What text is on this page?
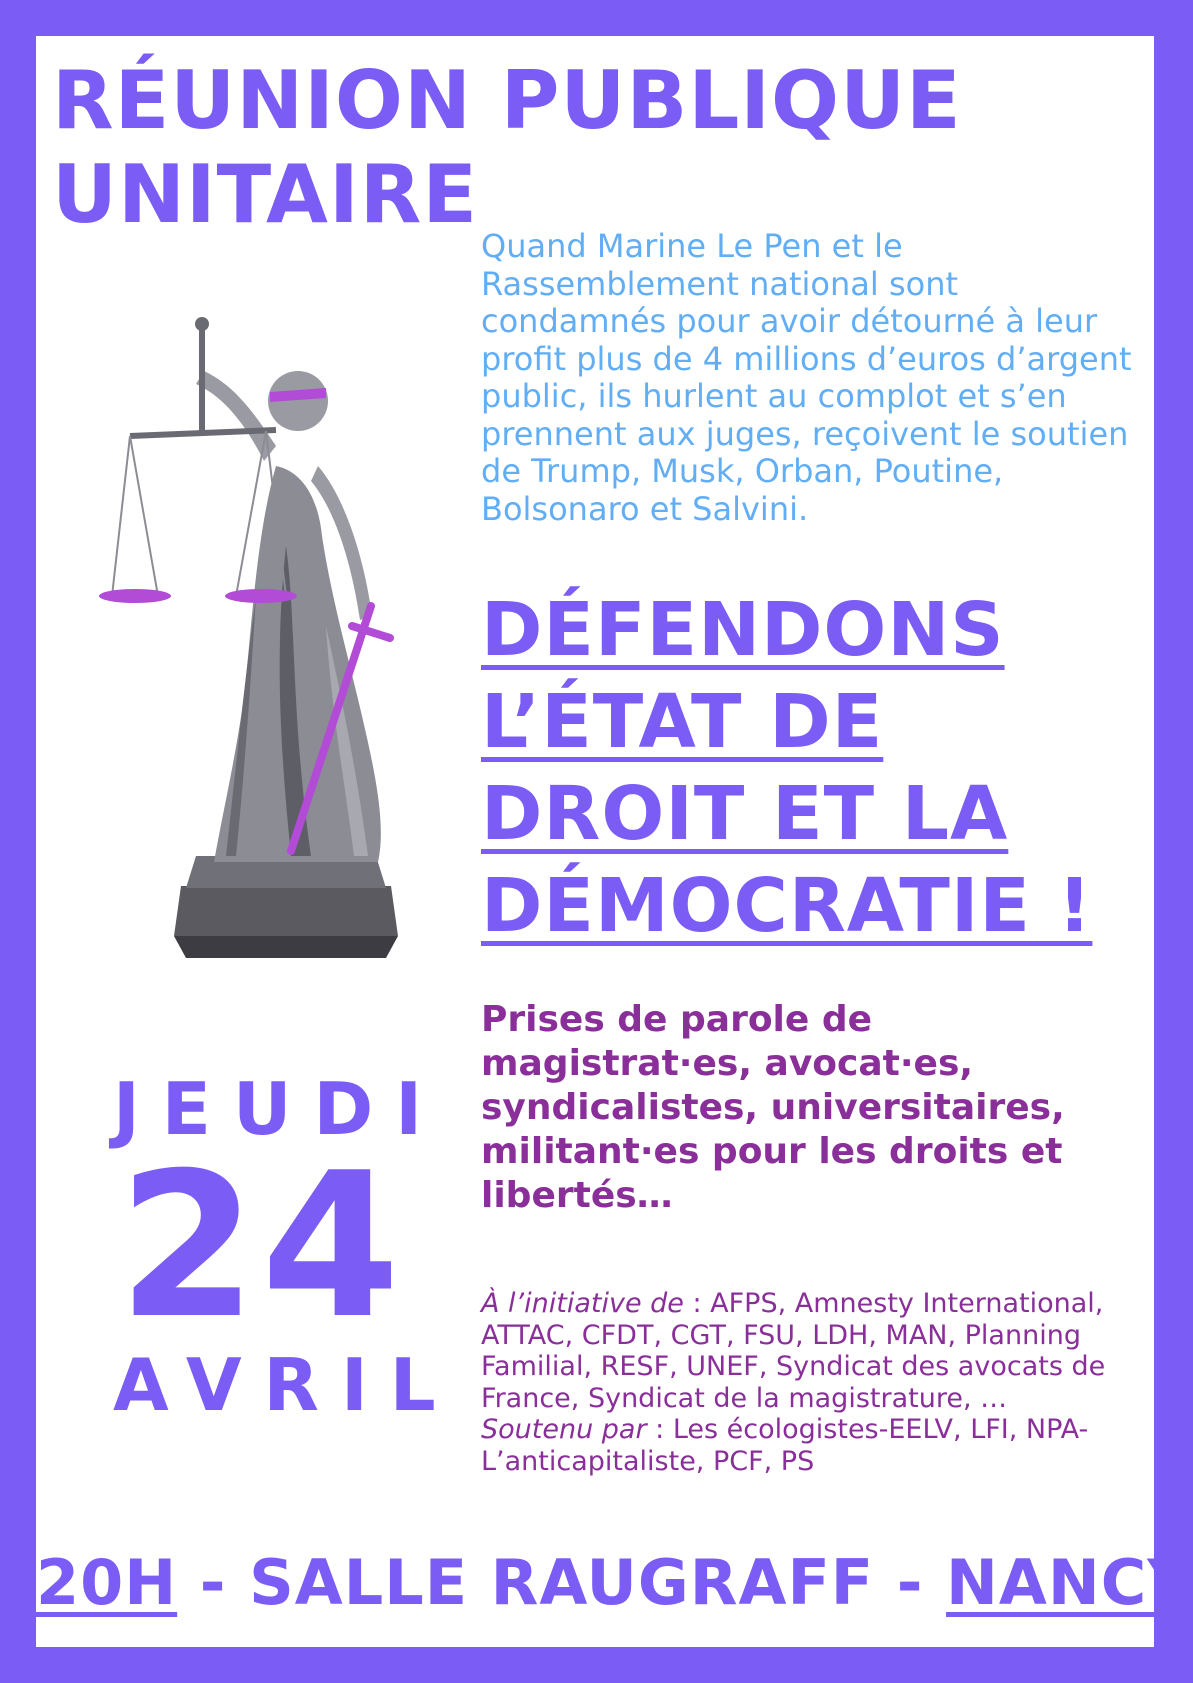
RÉUNION PUBLIQUE
UNITAIRE

Quand Marine Le Pen et le Rassemblement national sont condamnés pour avoir détourné à leur profit plus de 4 millions d’euros d’argent public, ils hurlent au complot et s’en prennent aux juges, reçoivent le soutien de Trump, Musk, Orban, Poutine, Bolsonaro et Salvini.

DÉFENDONS
L’ÉTAT DE
DROIT ET LA
DÉMOCRATIE !
JEUDI
24
AVRIL

Prises de parole de magistrat·es, avocat·es, syndicalistes, universitaires, militant·es pour les droits et libertés…

À l’initiative de : AFPS, Amnesty International, ATTAC, CFDT, CGT, FSU, LDH, MAN, Planning Familial, RESF, UNEF, Syndicat des avocats de France, Syndicat de la magistrature, …
Soutenu par : Les écologistes-EELV, LFI, NPA-L’anticapitaliste, PCF, PS

20H - SALLE RAUGRAFF - NANCY
